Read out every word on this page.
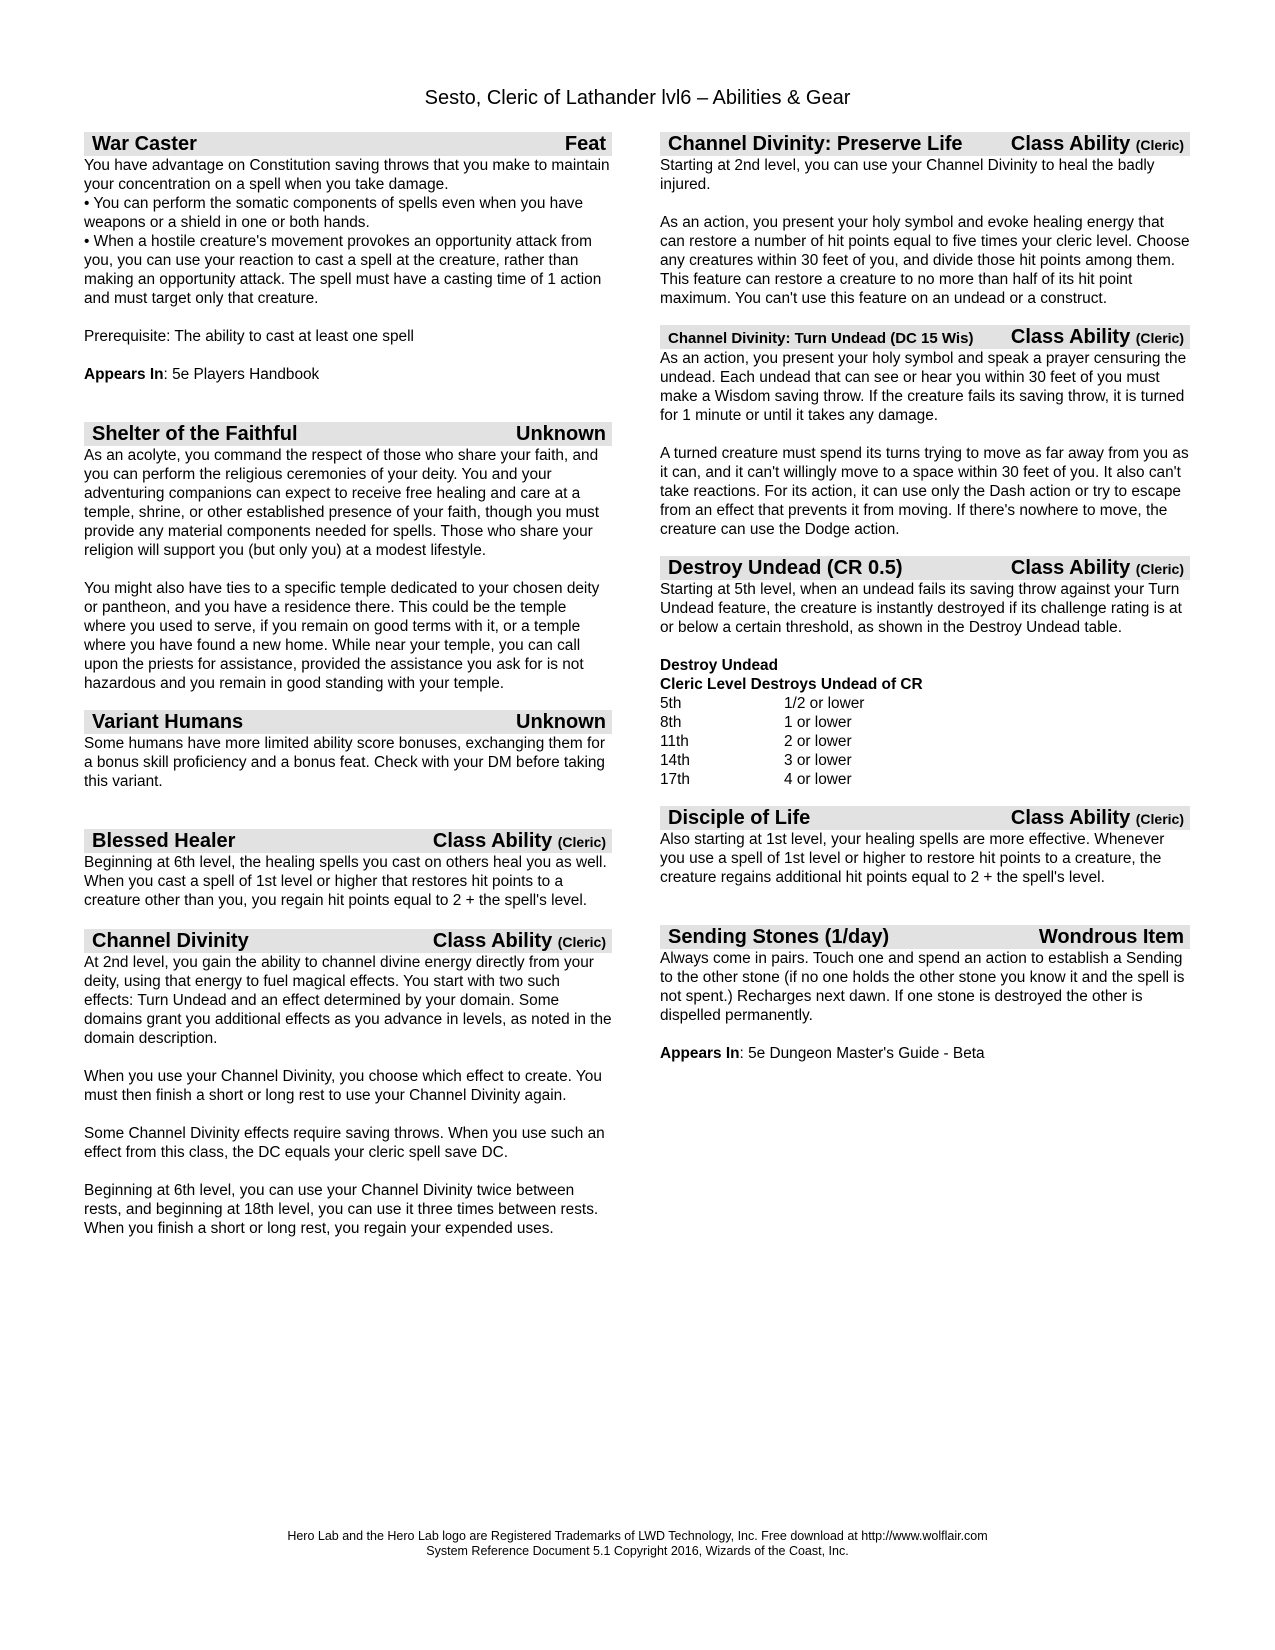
Sesto, Cleric of Lathander lvl6 – Abilities & Gear
War Caster	Feat

You have advantage on Constitution saving throws that you make to maintain your concentration on a spell when you take damage.
• You can perform the somatic components of spells even when you have weapons or a shield in one or both hands.
• When a hostile creature's movement provokes an opportunity attack from you, you can use your reaction to cast a spell at the creature, rather than making an opportunity attack. The spell must have a casting time of 1 action and must target only that creature.

Prerequisite: The ability to cast at least one spell

Appears In: 5e Players Handbook

Shelter of the Faithful	Unknown

As an acolyte, you command the respect of those who share your faith, and you can perform the religious ceremonies of your deity. You and your adventuring companions can expect to receive free healing and care at a temple, shrine, or other established presence of your faith, though you must provide any material components needed for spells. Those who share your religion will support you (but only you) at a modest lifestyle.

You might also have ties to a specific temple dedicated to your chosen deity or pantheon, and you have a residence there. This could be the temple where you used to serve, if you remain on good terms with it, or a temple where you have found a new home. While near your temple, you can call upon the priests for assistance, provided the assistance you ask for is not hazardous and you remain in good standing with your temple.

Variant Humans	Unknown

Some humans have more limited ability score bonuses, exchanging them for a bonus skill proficiency and a bonus feat. Check with your DM before taking this variant.

Blessed Healer	Class Ability (Cleric)

Beginning at 6th level, the healing spells you cast on others heal you as well. When you cast a spell of 1st level or higher that restores hit points to a creature other than you, you regain hit points equal to 2 + the spell's level.

Channel Divinity	Class Ability (Cleric)

At 2nd level, you gain the ability to channel divine energy directly from your deity, using that energy to fuel magical effects. You start with two such effects: Turn Undead and an effect determined by your domain. Some domains grant you additional effects as you advance in levels, as noted in the domain description.

When you use your Channel Divinity, you choose which effect to create. You must then finish a short or long rest to use your Channel Divinity again.

Some Channel Divinity effects require saving throws. When you use such an effect from this class, the DC equals your cleric spell save DC.

Beginning at 6th level, you can use your Channel Divinity twice between rests, and beginning at 18th level, you can use it three times between rests. When you finish a short or long rest, you regain your expended uses.

Channel Divinity: Preserve Life Class Ability (Cleric)

Starting at 2nd level, you can use your Channel Divinity to heal the badly injured.

As an action, you present your holy symbol and evoke healing energy that can restore a number of hit points equal to five times your cleric level. Choose any creatures within 30 feet of you, and divide those hit points among them. This feature can restore a creature to no more than half of its hit point maximum. You can't use this feature on an undead or a construct.

Channel Divinity: Turn Undead (DC 15 Wis) Class Ability (Cleric)

As an action, you present your holy symbol and speak a prayer censuring the undead. Each undead that can see or hear you within 30 feet of you must make a Wisdom saving throw. If the creature fails its saving throw, it is turned for 1 minute or until it takes any damage.

A turned creature must spend its turns trying to move as far away from you as it can, and it can't willingly move to a space within 30 feet of you. It also can't take reactions. For its action, it can use only the Dash action or try to escape from an effect that prevents it from moving. If there's nowhere to move, the creature can use the Dodge action.

Destroy Undead (CR 0.5)	Class Ability (Cleric)

Starting at 5th level, when an undead fails its saving throw against your Turn Undead feature, the creature is instantly destroyed if its challenge rating is at or below a certain threshold, as shown in the Destroy Undead table.

Destroy Undead

Cleric Level Destroys Undead of CR

5th	1/2 or lower
8th	1 or lower
11th	2 or lower
14th	3 or lower
17th	4 or lower
Disciple of Life	Class Ability (Cleric)

Also starting at 1st level, your healing spells are more effective. Whenever you use a spell of 1st level or higher to restore hit points to a creature, the creature regains additional hit points equal to 2 + the spell's level.

Sending Stones (1/day)	Wondrous Item

Always come in pairs. Touch one and spend an action to establish a Sending to the other stone (if no one holds the other stone you know it and the spell is not spent.) Recharges next dawn. If one stone is destroyed the other is dispelled permanently.

Appears In: 5e Dungeon Master's Guide - Beta

Hero Lab and the Hero Lab logo are Registered Trademarks of LWD Technology, Inc. Free download at http://www.wolflair.com
System Reference Document 5.1 Copyright 2016, Wizards of the Coast, Inc.
